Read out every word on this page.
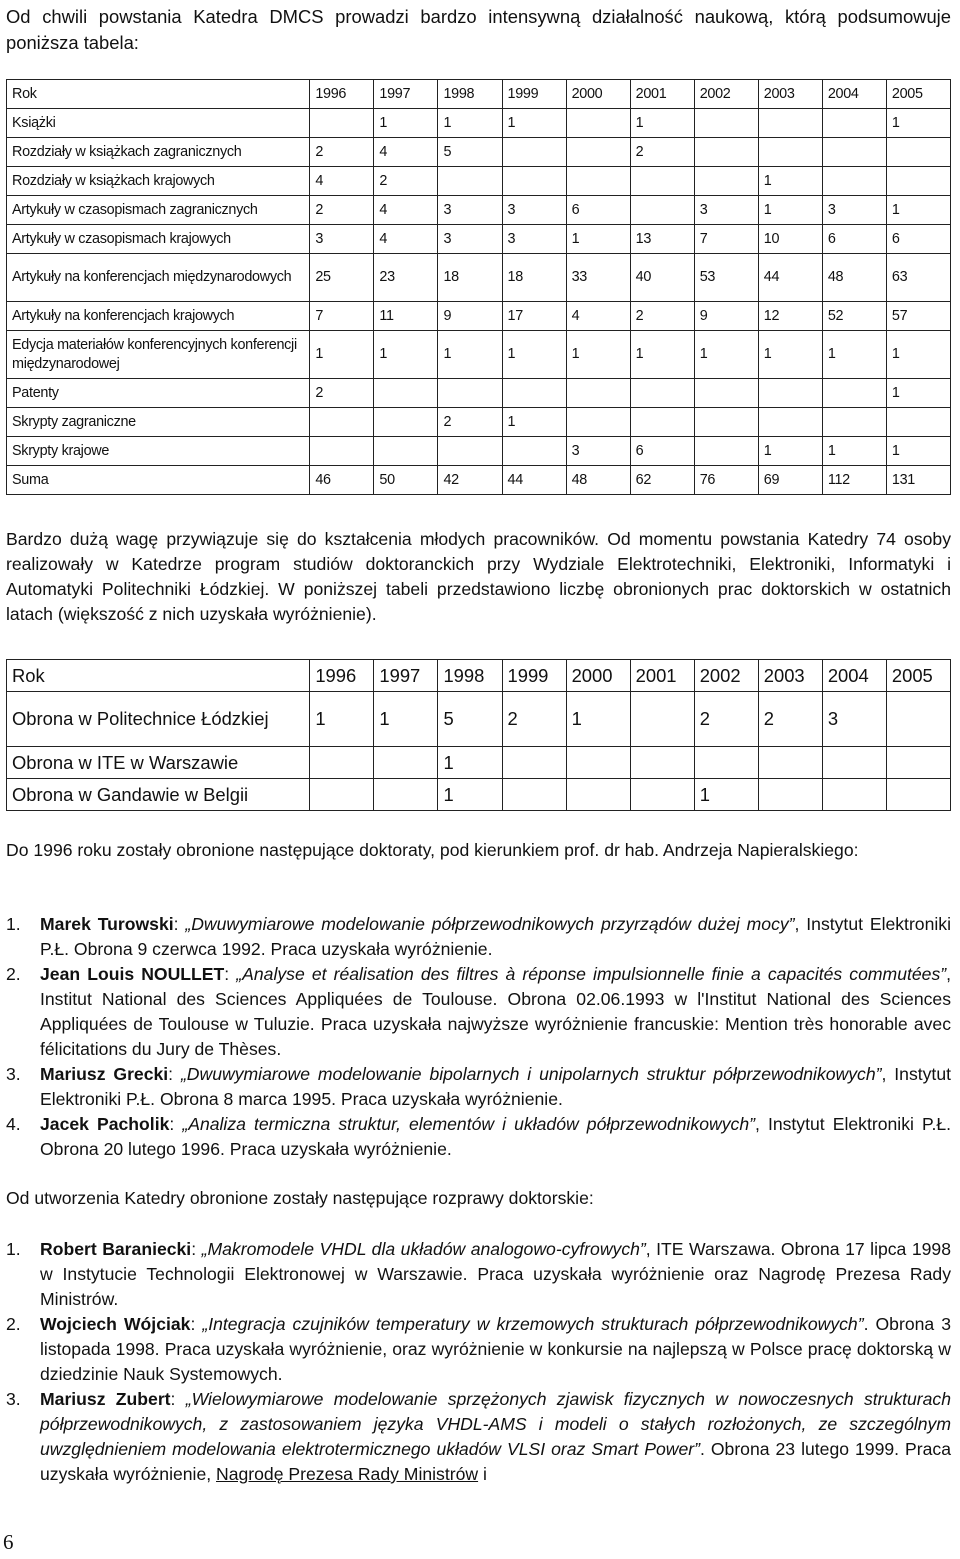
Od chwili powstania Katedra DMCS prowadzi bardzo intensywną działalność naukową, którą podsumowuje poniższa tabela:
Rok	1996	1997	1998	1999	2000	2001	2002	2003	2004	2005
Książki		1	1	1		1				1
Rozdziały w książkach zagranicznych	2	4	5			2				
Rozdziały w książkach krajowych	4	2						1		
Artykuły w czasopismach zagranicznych	2	4	3	3	6		3	1	3	1
Artykuły w czasopismach krajowych	3	4	3	3	1	13	7	10	6	6
Artykuły na konferencjach międzynarodowych	25	23	18	18	33	40	53	44	48	63
Artykuły na konferencjach krajowych	7	11	9	17	4	2	9	12	52	57
Edycja materiałów konferencyjnych konferencji międzynarodowej	1	1	1	1	1	1	1	1	1	1
Patenty	2									1
Skrypty zagraniczne			2	1						
Skrypty krajowe					3	6		1	1	1
Suma	46	50	42	44	48	62	76	69	112	131
Bardzo dużą wagę przywiązuje się do kształcenia młodych pracowników. Od momentu powstania Katedry 74 osoby realizowały w Katedrze program studiów doktoranckich przy Wydziale Elektrotechniki, Elektroniki, Informatyki i Automatyki Politechniki Łódzkiej. W poniższej tabeli przedstawiono liczbę obronionych prac doktorskich w ostatnich latach (większość z nich uzyskała wyróżnienie).
Rok	1996	1997	1998	1999	2000	2001	2002	2003	2004	2005
Obrona w Politechnice Łódzkiej	1	1	5	2	1		2	2	3	
Obrona w ITE w Warszawie			1							
Obrona w Gandawie w Belgii			1				1			
Do 1996 roku zostały obronione następujące doktoraty, pod kierunkiem prof. dr hab. Andrzeja Napieralskiego:
1. Marek Turowski: „Dwuwymiarowe modelowanie półprzewodnikowych przyrządów dużej mocy”, Instytut Elektroniki P.Ł. Obrona 9 czerwca 1992. Praca uzyskała wyróżnienie.
2. Jean Louis NOULLET: „Analyse et réalisation des filtres à réponse impulsionnelle finie a capacités commutées”, Institut National des Sciences Appliquées de Toulouse. Obrona 02.06.1993 w l'Institut National des Sciences Appliquées de Toulouse w Tuluzie. Praca uzyskała najwyższe wyróżnienie francuskie: Mention très honorable avec félicitations du Jury de Thèses.
3. Mariusz Grecki: „Dwuwymiarowe modelowanie bipolarnych i unipolarnych struktur półprzewodnikowych”, Instytut Elektroniki P.Ł. Obrona 8 marca 1995. Praca uzyskała wyróżnienie.
4. Jacek Pacholik: „Analiza termiczna struktur, elementów i układów półprzewodnikowych”, Instytut Elektroniki P.Ł. Obrona 20 lutego 1996. Praca uzyskała wyróżnienie.
Od utworzenia Katedry obronione zostały następujące rozprawy doktorskie:
1. Robert Baraniecki: „Makromodele VHDL dla układów analogowo-cyfrowych”, ITE Warszawa. Obrona 17 lipca 1998 w Instytucie Technologii Elektronowej w Warszawie. Praca uzyskała wyróżnienie oraz Nagrodę Prezesa Rady Ministrów.
2. Wojciech Wójciak: „Integracja czujników temperatury w krzemowych strukturach półprzewodnikowych”. Obrona 3 listopada 1998. Praca uzyskała wyróżnienie, oraz wyróżnienie w konkursie na najlepszą w Polsce pracę doktorską w dziedzinie Nauk Systemowych.
3. Mariusz Zubert: „Wielowymiarowe modelowanie sprzężonych zjawisk fizycznych w nowoczesnych strukturach półprzewodnikowych, z zastosowaniem języka VHDL-AMS i modeli o stałych rozłożonych, ze szczególnym uwzględnieniem modelowania elektrotermicznego układów VLSI oraz Smart Power”. Obrona 23 lutego 1999. Praca uzyskała wyróżnienie, Nagrodę Prezesa Rady Ministrów i
6
